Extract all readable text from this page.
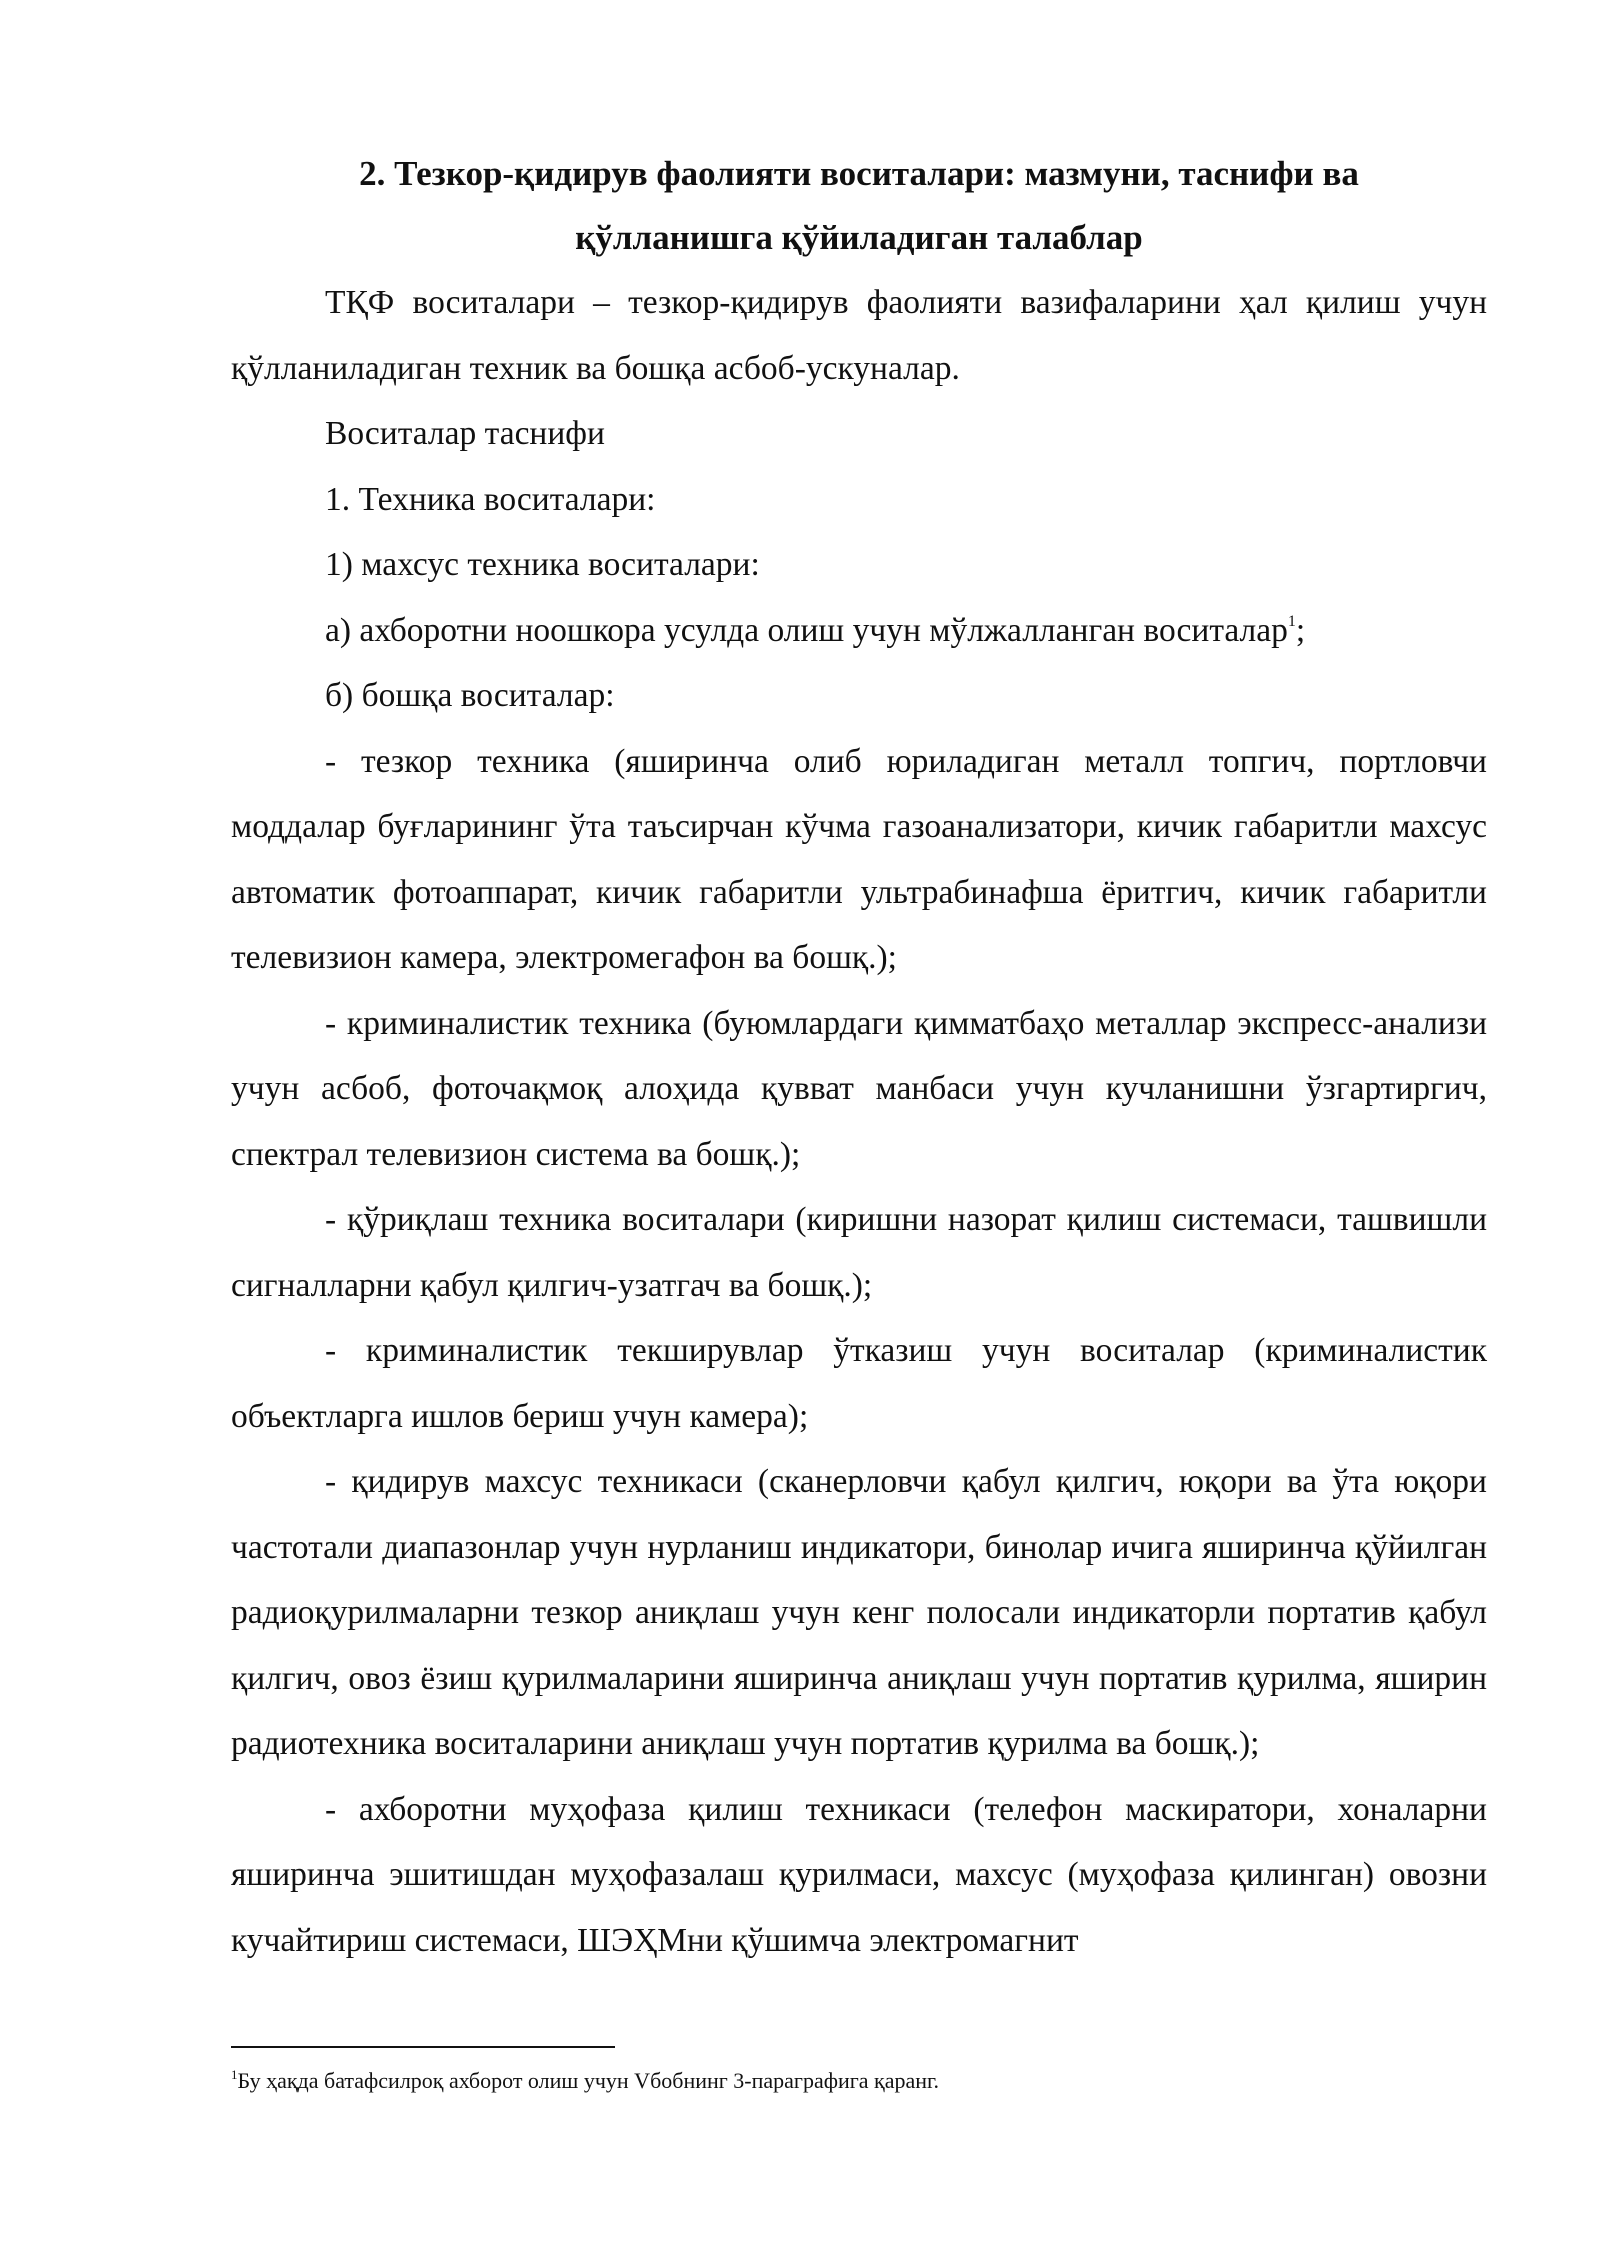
2. Тезкор-қидирув фаолияти воситалари: мазмуни, таснифи ва қўлланишга қўйиладиган талаблар

ТҚФ воситалари – тезкор-қидирув фаолияти вазифаларини ҳал қилиш учун қўлланиладиган техник ва бошқа асбоб-ускуналар.

Воситалар таснифи

1. Техника воситалари:

1) махсус техника воситалари:

а) ахборотни ноошкора усулда олиш учун мўлжалланган воситалар$^1$;

б) бошқа воситалар:

- тезкор техника (яширинча олиб юриладиган металл топгич, портловчи моддалар буғларининг ўта таъсирчан кўчма газоанализатори, кичик габаритли махсус автоматик фотоаппарат, кичик габаритли ультрабинафша ёритгич, кичик габаритли телевизион камера, электромегафон ва бошқ.);

- криминалистик техника (буюмлардаги қимматбаҳо металлар экспресс-анализи учун асбоб, фоточақмоқ алоҳида қувват манбаси учун кучланишни ўзгартиргич, спектрал телевизион система ва бошқ.);

- қўриқлаш техника воситалари (киришни назорат қилиш системаси, ташвишли сигналларни қабул қилгич-узатгач ва бошқ.);

- криминалистик текширувлар ўтказиш учун воситалар (криминалистик объектларга ишлов бериш учун камера);

- қидирув махсус техникаси (сканерловчи қабул қилгич, юқори ва ўта юқори частотали диапазонлар учун нурланиш индикатори, бинолар ичига яширинча қўйилган радиоқурилмаларни тезкор аниқлаш учун кенг полосали индикаторли портатив қабул қилгич, овоз ёзиш қурилмаларини яширинча аниқлаш учун портатив қурилма, яширин радиотехника воситаларини аниқлаш учун портатив қурилма ва бошқ.);

- ахборотни муҳофаза қилиш техникаси (телефон маскиратори, хоналарни яширинча эшитишдан муҳофазалаш қурилмаси, махсус (муҳофаза қилинган) овозни кучайтириш системаси, ШЭҲМни қўшимча электромагнит

$^1$Бу ҳақда батафсилроқ ахборот олиш учун Vбобнинг 3-параграфига қаранг.
